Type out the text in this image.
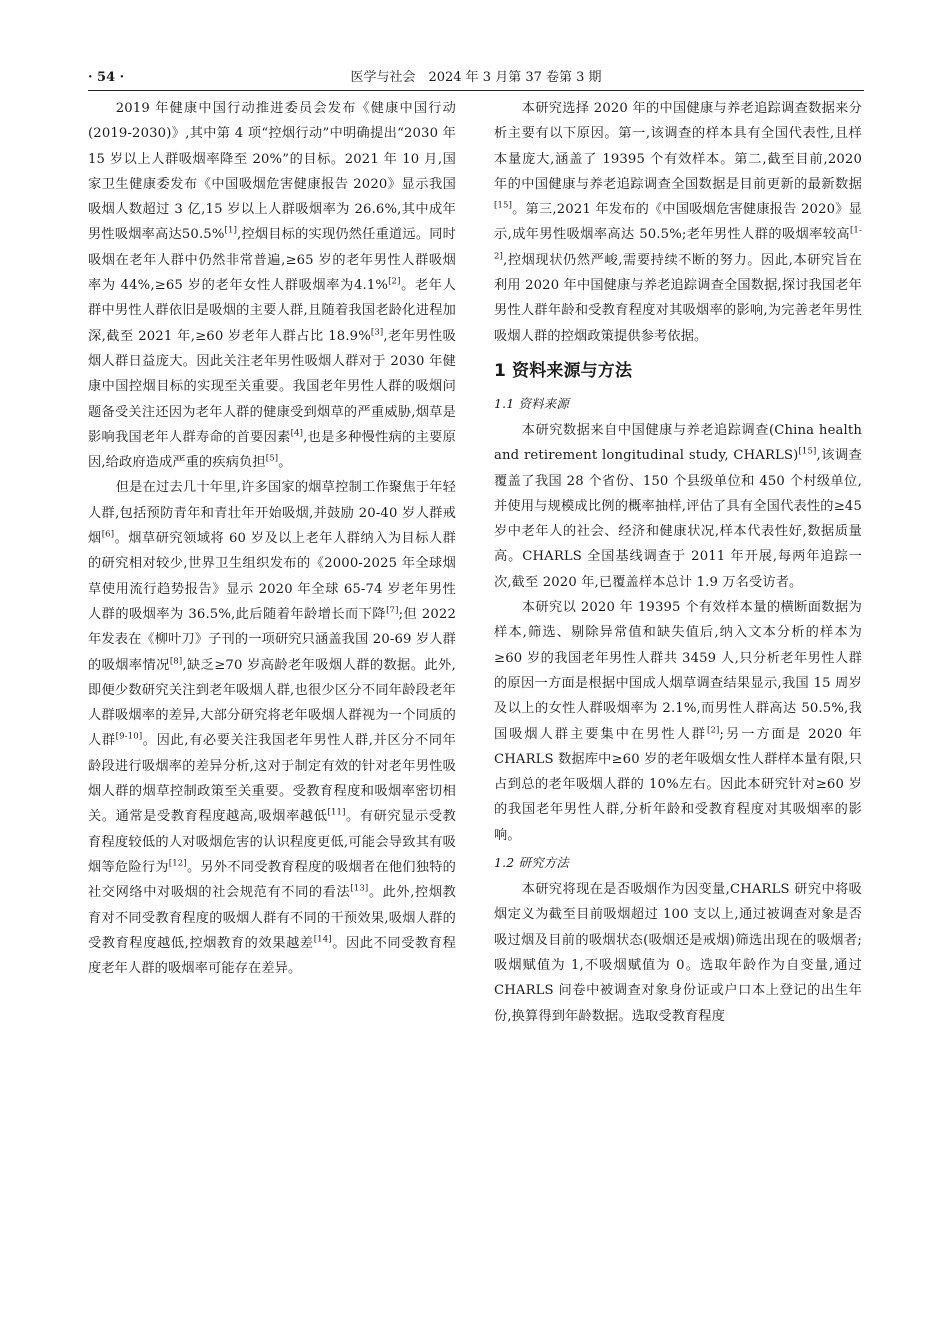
· 54 ·	医学与社会　2024 年 3 月第 37 卷第 3 期

2019 年健康中国行动推进委员会发布《健康中国行动(2019-2030)》,其中第 4 项“控烟行动”中明确提出“2030 年 15 岁以上人群吸烟率降至 20%”的目标。2021 年 10 月,国家卫生健康委发布《中国吸烟危害健康报告 2020》显示我国吸烟人数超过 3 亿,15 岁以上人群吸烟率为 26.6%,其中成年男性吸烟率高达50.5%[1],控烟目标的实现仍然任重道远。同时吸烟在老年人群中仍然非常普遍,≥65 岁的老年男性人群吸烟率为 44%,≥65 岁的老年女性人群吸烟率为4.1%[2]。老年人群中男性人群依旧是吸烟的主要人群,且随着我国老龄化进程加深,截至 2021 年,≥60 岁老年人群占比 18.9%[3],老年男性吸烟人群日益庞大。因此关注老年男性吸烟人群对于 2030 年健康中国控烟目标的实现至关重要。我国老年男性人群的吸烟问题备受关注还因为老年人群的健康受到烟草的严重威胁,烟草是影响我国老年人群寿命的首要因素[4],也是多种慢性病的主要原因,给政府造成严重的疾病负担[5]。

但是在过去几十年里,许多国家的烟草控制工作聚焦于年轻人群,包括预防青年和青壮年开始吸烟,并鼓励 20-40 岁人群戒烟[6]。烟草研究领域将 60 岁及以上老年人群纳入为目标人群的研究相对较少,世界卫生组织发布的《2000-2025 年全球烟草使用流行趋势报告》显示 2020 年全球 65-74 岁老年男性人群的吸烟率为 36.5%,此后随着年龄增长而下降[7];但 2022 年发表在《柳叶刀》子刊的一项研究只涵盖我国 20-69 岁人群的吸烟率情况[8],缺乏≥70 岁高龄老年吸烟人群的数据。此外,即便少数研究关注到老年吸烟人群,也很少区分不同年龄段老年人群吸烟率的差异,大部分研究将老年吸烟人群视为一个同质的人群[9-10]。因此,有必要关注我国老年男性人群,并区分不同年龄段进行吸烟率的差异分析,这对于制定有效的针对老年男性吸烟人群的烟草控制政策至关重要。受教育程度和吸烟率密切相关。通常是受教育程度越高,吸烟率越低[11]。有研究显示受教育程度较低的人对吸烟危害的认识程度更低,可能会导致其有吸烟等危险行为[12]。另外不同受教育程度的吸烟者在他们独特的社交网络中对吸烟的社会规范有不同的看法[13]。此外,控烟教育对不同受教育程度的吸烟人群有不同的干预效果,吸烟人群的受教育程度越低,控烟教育的效果越差[14]。因此不同受教育程度老年人群的吸烟率可能存在差异。

本研究选择 2020 年的中国健康与养老追踪调查数据来分析主要有以下原因。第一,该调查的样本具有全国代表性,且样本量庞大,涵盖了 19395 个有效样本。第二,截至目前,2020 年的中国健康与养老追踪调查全国数据是目前更新的最新数据[15]。第三,2021 年发布的《中国吸烟危害健康报告 2020》显示,成年男性吸烟率高达 50.5%;老年男性人群的吸烟率较高[1-2],控烟现状仍然严峻,需要持续不断的努力。因此,本研究旨在利用 2020 年中国健康与养老追踪调查全国数据,探讨我国老年男性人群年龄和受教育程度对其吸烟率的影响,为完善老年男性吸烟人群的控烟政策提供参考依据。

1 资料来源与方法
1.1 资料来源

本研究数据来自中国健康与养老追踪调查(China health and retirement longitudinal study, CHARLS)[15],该调查覆盖了我国 28 个省份、150 个县级单位和 450 个村级单位,并使用与规模成比例的概率抽样,评估了具有全国代表性的≥45 岁中老年人的社会、经济和健康状况,样本代表性好,数据质量高。CHARLS 全国基线调查于 2011 年开展,每两年追踪一次,截至 2020 年,已覆盖样本总计 1.9 万名受访者。

本研究以 2020 年 19395 个有效样本量的横断面数据为样本,筛选、剔除异常值和缺失值后,纳入文本分析的样本为≥60 岁的我国老年男性人群共 3459 人,只分析老年男性人群的原因一方面是根据中国成人烟草调查结果显示,我国 15 周岁及以上的女性人群吸烟率为 2.1%,而男性人群高达 50.5%,我国吸烟人群主要集中在男性人群[2];另一方面是 2020 年 CHARLS 数据库中≥60 岁的老年吸烟女性人群样本量有限,只占到总的老年吸烟人群的 10%左右。因此本研究针对≥60 岁的我国老年男性人群,分析年龄和受教育程度对其吸烟率的影响。

1.2 研究方法

本研究将现在是否吸烟作为因变量,CHARLS 研究中将吸烟定义为截至目前吸烟超过 100 支以上,通过被调查对象是否吸过烟及目前的吸烟状态(吸烟还是戒烟)筛选出现在的吸烟者;吸烟赋值为 1,不吸烟赋值为 0。选取年龄作为自变量,通过 CHARLS 问卷中被调查对象身份证或户口本上登记的出生年份,换算得到年龄数据。选取受教育程度
